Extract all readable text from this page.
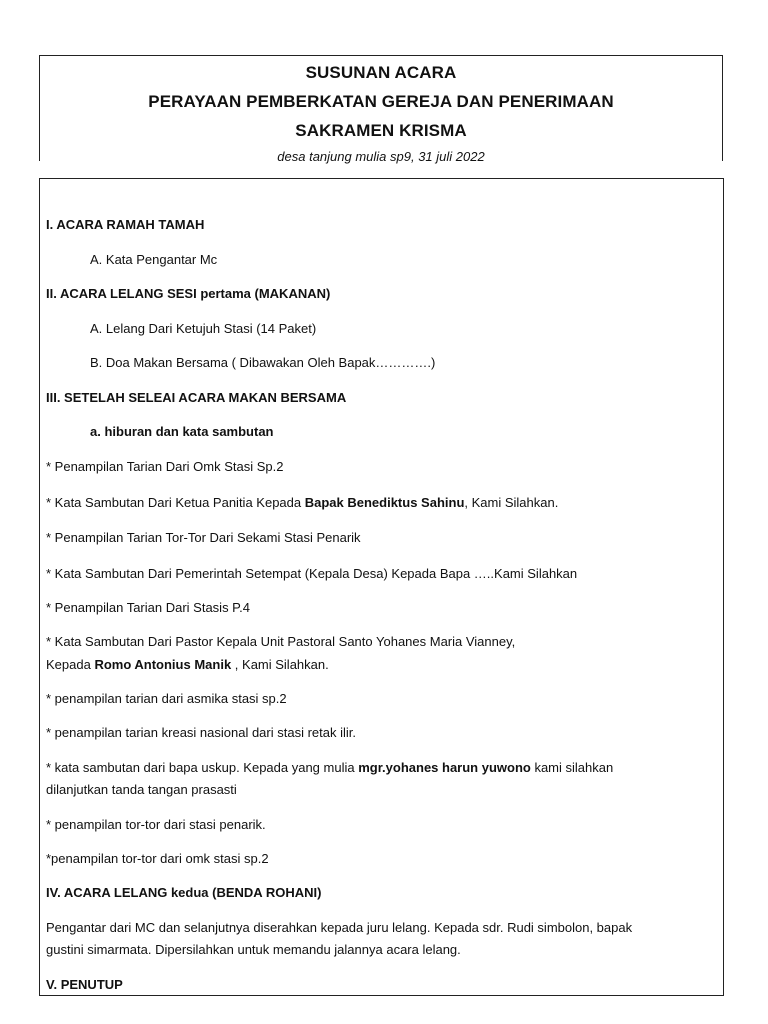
SUSUNAN ACARA
PERAYAAN PEMBERKATAN GEREJA DAN PENERIMAAN
SAKRAMEN KRISMA
desa tanjung mulia sp9, 31 juli 2022
I. ACARA RAMAH TAMAH
A. Kata Pengantar Mc
II. ACARA LELANG SESI pertama (MAKANAN)
A. Lelang Dari Ketujuh Stasi (14 Paket)
B. Doa Makan Bersama ( Dibawakan Oleh Bapak………….)
III. SETELAH SELEAI ACARA MAKAN BERSAMA
a. hiburan dan kata sambutan
* Penampilan Tarian Dari Omk Stasi Sp.2
* Kata Sambutan Dari Ketua Panitia Kepada Bapak Benediktus Sahinu, Kami Silahkan.
* Penampilan Tarian Tor-Tor Dari Sekami Stasi Penarik
* Kata Sambutan Dari Pemerintah Setempat (Kepala Desa) Kepada Bapa …..Kami Silahkan
* Penampilan Tarian Dari Stasis P.4
* Kata Sambutan Dari Pastor Kepala Unit Pastoral Santo Yohanes Maria Vianney,
Kepada Romo Antonius Manik , Kami Silahkan.
* penampilan tarian dari asmika stasi sp.2
* penampilan tarian kreasi nasional dari stasi retak ilir.
* kata sambutan dari bapa uskup. Kepada yang mulia mgr.yohanes harun yuwono kami silahkan
dilanjutkan tanda tangan prasasti
* penampilan tor-tor dari stasi penarik.
*penampilan tor-tor dari omk stasi sp.2
IV. ACARA LELANG kedua (BENDA ROHANI)
Pengantar dari MC dan selanjutnya diserahkan kepada juru lelang. Kepada sdr. Rudi simbolon, bapak
gustini simarmata. Dipersilahkan untuk memandu jalannya acara lelang.
V. PENUTUP
